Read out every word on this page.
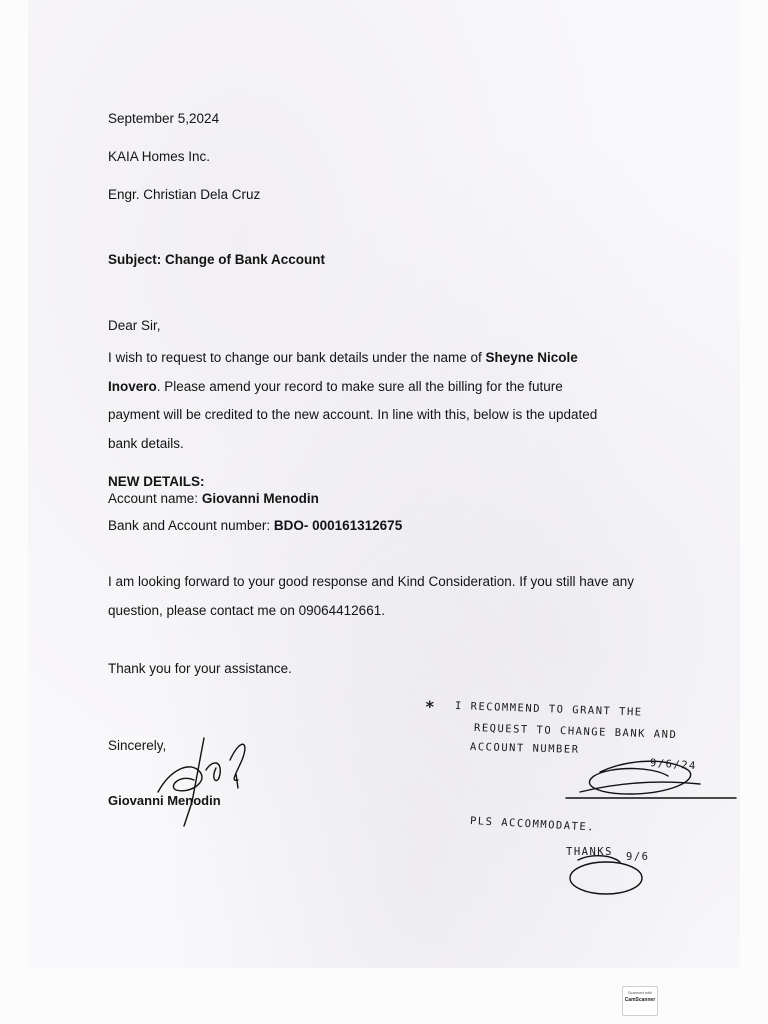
September 5,2024
KAIA Homes Inc.
Engr. Christian Dela Cruz
Subject: Change of Bank Account
Dear Sir,
I wish to request to change our bank details under the name of Sheyne Nicole Inovero. Please amend your record to make sure all the billing for the future payment will be credited to the new account. In line with this, below is the updated bank details.
NEW DETAILS:
Account name: Giovanni Menodin
Bank and Account number: BDO- 000161312675
I am looking forward to your good response and Kind Consideration. If you still have any question, please contact me on 09064412661.
Thank you for your assistance.
Sincerely,
Giovanni Menodin
* I RECOMMEND TO GRANT THE
REQUEST TO CHANGE BANK AND
ACCOUNT NUMBER
9/6/24
PLS ACCOMMODATE.
THANKS 9/6
Scanned with
CamScanner
